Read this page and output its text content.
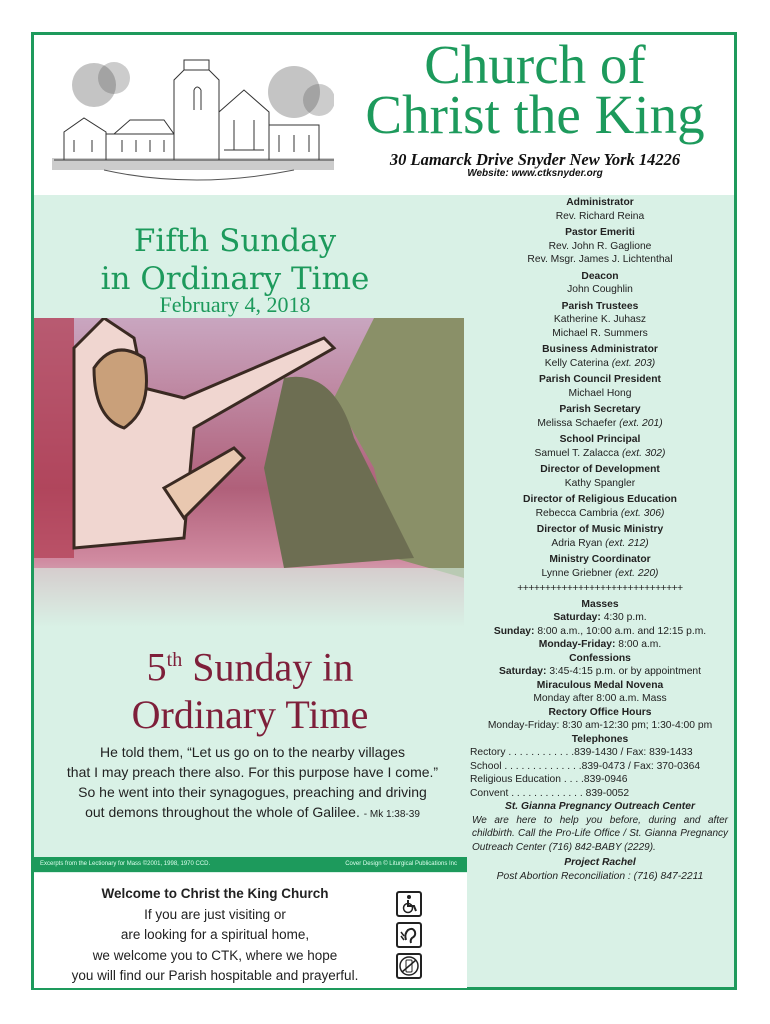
Church of
Christ the King
30 Lamarck Drive Snyder New York 14226
Website: www.ctksnyder.org
Fifth Sunday
in Ordinary Time
February 4, 2018
5th Sunday in
Ordinary Time
He told them, “Let us go on to the nearby villages
that I may preach there also. For this purpose have I come.”
So he went into their synagogues, preaching and driving
out demons throughout the whole of Galilee. - Mk 1:38-39
Excerpts from the Lectionary for Mass ©2001, 1998, 1970 CCD.	Cover Design © Liturgical Publications Inc
Welcome to Christ the King Church
If you are just visiting or
are looking for a spiritual home,
we welcome you to CTK, where we hope
you will find our Parish hospitable and prayerful.
Administrator
Rev. Richard Reina
Pastor Emeriti
Rev. John R. Gaglione
Rev. Msgr. James J. Lichtenthal
Deacon
John Coughlin
Parish Trustees
Katherine K. Juhasz
Michael R. Summers
Business Administrator
Kelly Caterina (ext. 203)
Parish Council President
Michael Hong
Parish Secretary
Melissa Schaefer (ext. 201)
School Principal
Samuel T. Zalacca (ext. 302)
Director of Development
Kathy Spangler
Director of Religious Education
Rebecca Cambria (ext. 306)
Director of Music Ministry
Adria Ryan (ext. 212)
Ministry Coordinator
Lynne Griebner (ext. 220)
++++++++++++++++++++++++++++++
Masses
Saturday: 4:30 p.m.
Sunday: 8:00 a.m., 10:00 a.m. and 12:15 p.m.
Monday-Friday: 8:00 a.m.
Confessions
Saturday: 3:45-4:15 p.m. or by appointment
Miraculous Medal Novena
Monday after 8:00 a.m. Mass
Rectory Office Hours
Monday-Friday: 8:30 am-12:30 pm; 1:30-4:00 pm
Telephones
Rectory . . . . . . . . . . . .839-1430 / Fax: 839-1433
School . . . . . . . . . . . . . .839-0473 / Fax: 370-0364
Religious Education . . . .839-0946
Convent . . . . . . . . . . . . . 839-0052
St. Gianna Pregnancy Outreach Center
We are here to help you before, during and after childbirth. Call the Pro-Life Office / St. Gianna Pregnancy Outreach Center (716) 842-BABY (2229).
Project Rachel
Post Abortion Reconciliation : (716) 847-2211
